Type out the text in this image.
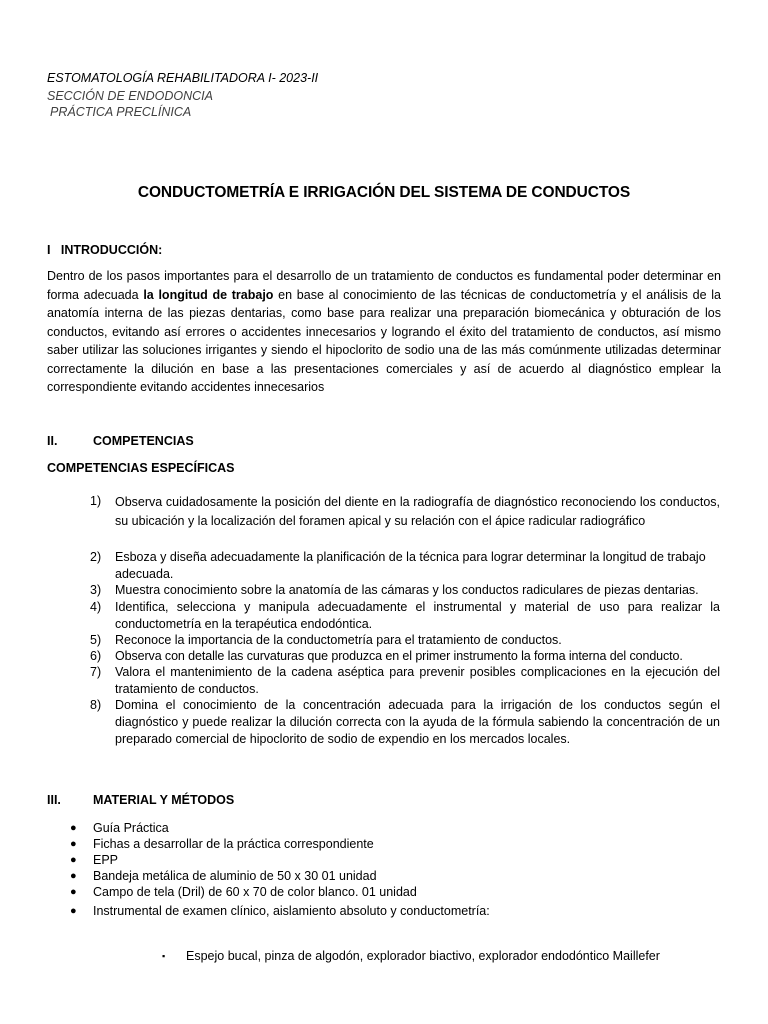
ESTOMATOLOGÍA REHABILITADORA I- 2023-II
SECCIÓN DE ENDODONCIA
PRÁCTICA PRECLÍNICA
CONDUCTOMETRÍA E IRRIGACIÓN DEL SISTEMA DE CONDUCTOS
I   INTRODUCCIÓN:
Dentro de los pasos importantes para el desarrollo de un tratamiento de conductos es fundamental poder determinar en forma adecuada la longitud de trabajo en base al conocimiento de las técnicas de conductometría y el análisis de la anatomía interna de las piezas dentarias, como base para realizar una preparación biomecánica y obturación de los conductos, evitando así errores o accidentes innecesarios y logrando el éxito del tratamiento de conductos, así mismo saber utilizar las soluciones irrigantes y siendo el hipoclorito de sodio una de las más comúnmente utilizadas determinar correctamente la dilución en base a las presentaciones comerciales y así de acuerdo al diagnóstico emplear la correspondiente evitando accidentes innecesarios
II.	COMPETENCIAS
COMPETENCIAS ESPECÍFICAS
1) Observa cuidadosamente la posición del diente en la radiografía de diagnóstico reconociendo los conductos, su ubicación y la localización del foramen apical y su relación con el ápice radicular radiográfico
2) Esboza y diseña adecuadamente la planificación de la técnica para lograr determinar la longitud de trabajo adecuada.
3) Muestra conocimiento sobre la anatomía de las cámaras y los conductos radiculares de piezas dentarias.
4) Identifica, selecciona y manipula adecuadamente el instrumental y material de uso para realizar la conductometría en la terapéutica endodóntica.
5) Reconoce la importancia de la conductometría para el tratamiento de conductos.
6) Observa con detalle las curvaturas que produzca en el primer instrumento la forma interna del conducto.
7) Valora el mantenimiento de la cadena aséptica para prevenir posibles complicaciones en la ejecución del tratamiento de conductos.
8) Domina el conocimiento de la concentración adecuada para la irrigación de los conductos según el diagnóstico y puede realizar la dilución correcta con la ayuda de la fórmula sabiendo la concentración de un preparado comercial de hipoclorito de sodio de expendio en los mercados locales.
III.	MATERIAL Y MÉTODOS
● Guía Práctica
● Fichas a desarrollar de la práctica correspondiente
● EPP
● Bandeja metálica de aluminio de 50 x 30 01 unidad
● Campo de tela (Dril) de 60 x 70 de color blanco. 01 unidad
● Instrumental de examen clínico, aislamiento absoluto y conductometría:
▪ Espejo bucal, pinza de algodón, explorador biactivo, explorador endodóntico Maillefer
